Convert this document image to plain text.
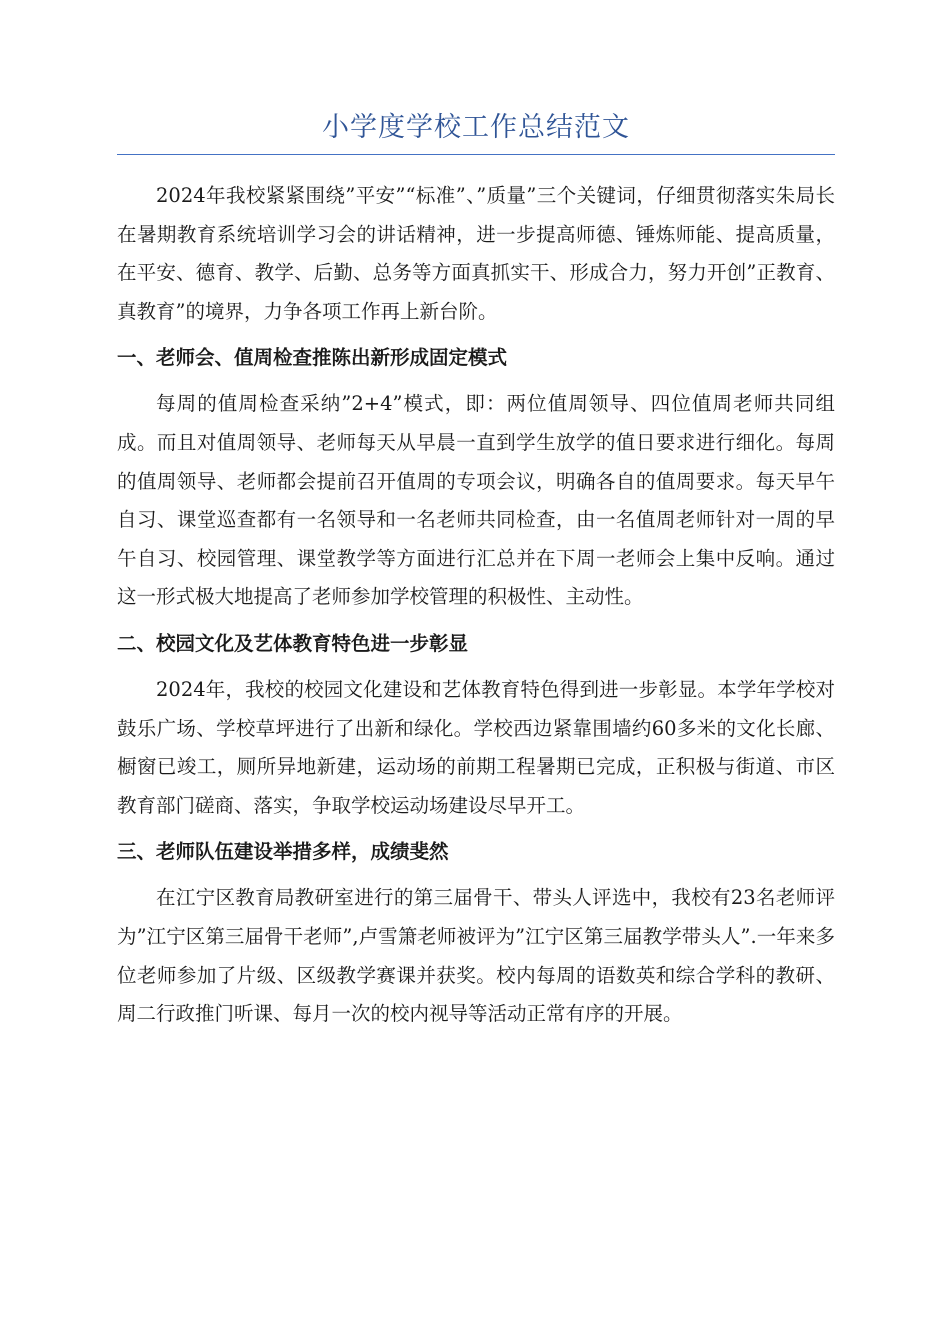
小学度学校工作总结范文

2024年我校紧紧围绕”平安”“标准”、”质量”三个关键词，仔细贯彻落实朱局长在暑期教育系统培训学习会的讲话精神，进一步提高师德、锤炼师能、提高质量，在平安、德育、教学、后勤、总务等方面真抓实干、形成合力，努力开创”正教育、真教育”的境界，力争各项工作再上新台阶。

一、老师会、值周检查推陈出新形成固定模式

每周的值周检查采纳”2+4”模式，即：两位值周领导、四位值周老师共同组成。而且对值周领导、老师每天从早晨一直到学生放学的值日要求进行细化。每周的值周领导、老师都会提前召开值周的专项会议，明确各自的值周要求。每天早午自习、课堂巡查都有一名领导和一名老师共同检查，由一名值周老师针对一周的早午自习、校园管理、课堂教学等方面进行汇总并在下周一老师会上集中反响。通过这一形式极大地提高了老师参加学校管理的积极性、主动性。

二、校园文化及艺体教育特色进一步彰显

2024年，我校的校园文化建设和艺体教育特色得到进一步彰显。本学年学校对鼓乐广场、学校草坪进行了出新和绿化。学校西边紧靠围墙约60多米的文化长廊、橱窗已竣工，厕所异地新建，运动场的前期工程暑期已完成，正积极与街道、市区教育部门磋商、落实，争取学校运动场建设尽早开工。

三、老师队伍建设举措多样，成绩斐然

在江宁区教育局教研室进行的第三届骨干、带头人评选中，我校有23名老师评为”江宁区第三届骨干老师”,卢雪箫老师被评为”江宁区第三届教学带头人”.一年来多位老师参加了片级、区级教学赛课并获奖。校内每周的语数英和综合学科的教研、周二行政推门听课、每月一次的校内视导等活动正常有序的开展。
